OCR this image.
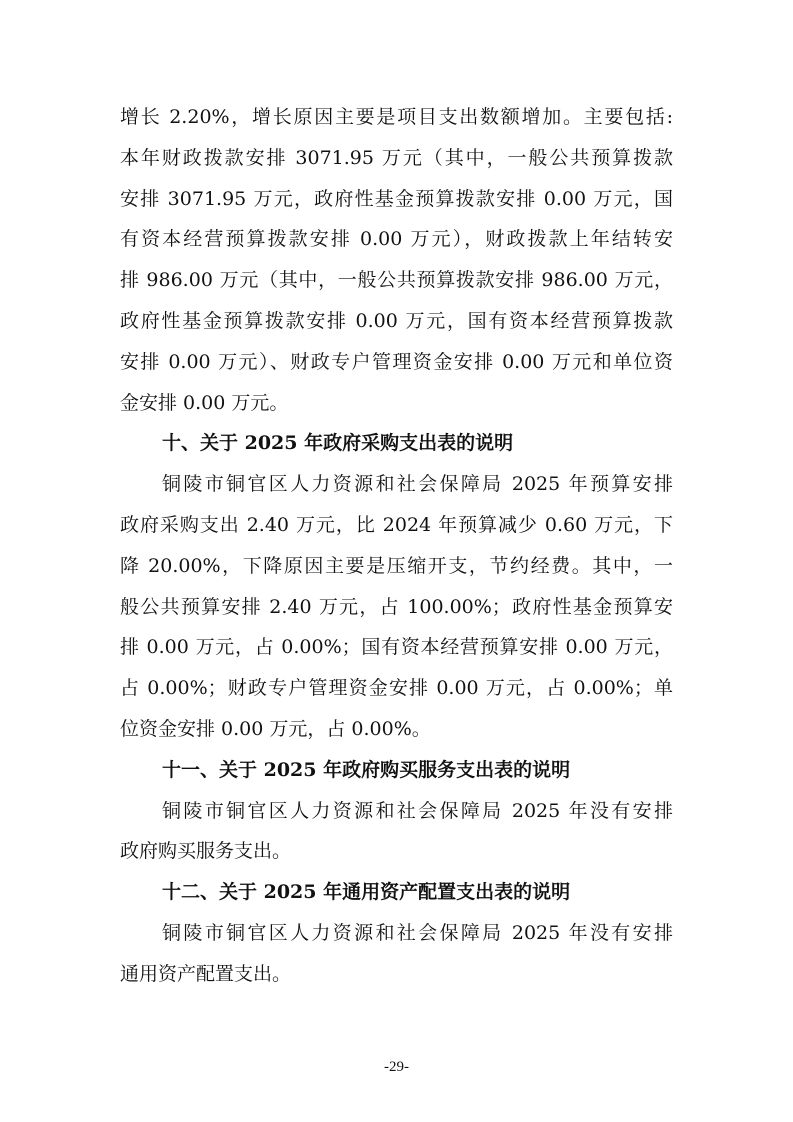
增长 2.20%，增长原因主要是项目支出数额增加。主要包括:
本年财政拨款安排 3071.95 万元（其中，一般公共预算拨款
安排 3071.95 万元，政府性基金预算拨款安排 0.00 万元，国
有资本经营预算拨款安排 0.00 万元），财政拨款上年结转安
排 986.00 万元（其中，一般公共预算拨款安排 986.00 万元，
政府性基金预算拨款安排 0.00 万元，国有资本经营预算拨款
安排 0.00 万元）、财政专户管理资金安排 0.00 万元和单位资
金安排 0.00 万元。
十、关于 2025 年政府采购支出表的说明
铜陵市铜官区人力资源和社会保障局 2025 年预算安排
政府采购支出 2.40 万元，比 2024 年预算减少 0.60 万元，下
降 20.00%，下降原因主要是压缩开支，节约经费。其中，一
般公共预算安排 2.40 万元，占 100.00%；政府性基金预算安
排 0.00 万元，占 0.00%；国有资本经营预算安排 0.00 万元，
占 0.00%；财政专户管理资金安排 0.00 万元，占 0.00%；单
位资金安排 0.00 万元，占 0.00%。
十一、关于 2025 年政府购买服务支出表的说明
铜陵市铜官区人力资源和社会保障局 2025 年没有安排
政府购买服务支出。
十二、关于 2025 年通用资产配置支出表的说明
铜陵市铜官区人力资源和社会保障局 2025 年没有安排
通用资产配置支出。
-29-
